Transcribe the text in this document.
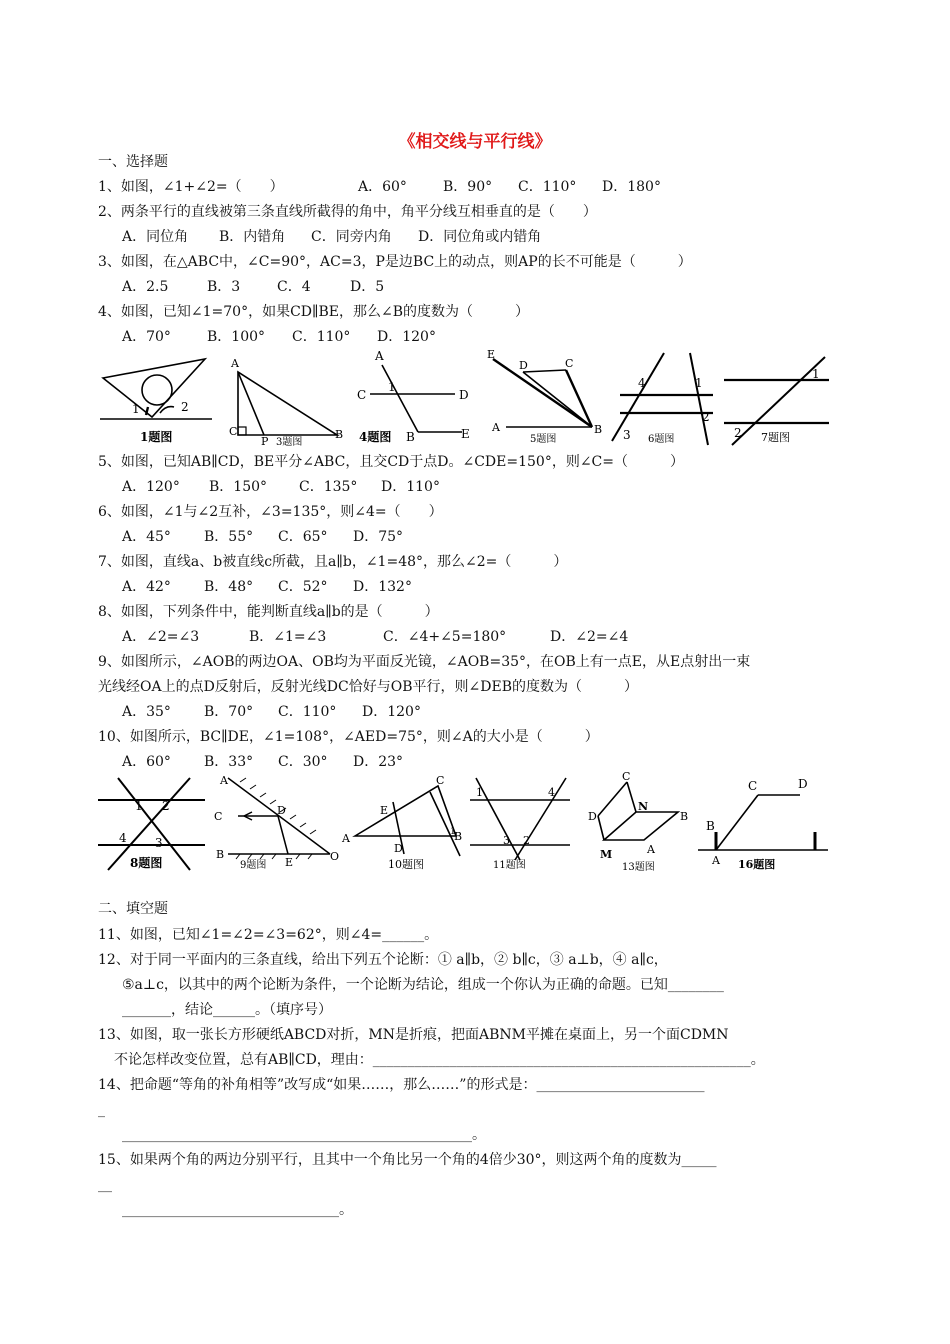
《相交线与平行线》
一、选择题
1、如图，∠1+∠2=（　　）	A．60°	B．90° C．110° D．180°
2、两条平行的直线被第三条直线所截得的角中，角平分线互相垂直的是（　　）
A．同位角 B．内错角 C．同旁内角 D．同位角或内错角
3、如图，在△ABC中，∠C=90°，AC=3，P是边BC上的动点，则AP的长不可能是（　　　）
A．2.5	B．3	C．4	D．5
4、如图，已知∠1=70°，如果CD∥BE，那么∠B的度数为（　　　）
A．70°	B．100° C．110° D．120°
1	2
1题图
A
C
P
B
3题图
A
C
1
D
B	E
4题图
E
D	C
A	B
5题图
4	1
2
3 6题图
1
2 7题图
5、如图，已知AB∥CD，BE平分∠ABC，且交CD于点D。∠CDE=150°，则∠C=（　　　）
A．120° B．150° C．135° D．110°
6、如图，∠1与∠2互补，∠3=135°，则∠4=（　　）
A．45° B．55° C．65° D．75°
7、如图，直线a、b被直线c所截，且a∥b，∠1=48°，那么∠2=（　　　）
A．42° B．48° C．52° D．132°
8、如图，下列条件中，能判断直线a∥b的是（　　　）
A．∠2=∠3	B．∠1=∠3	C．∠4+∠5=180°	D．∠2=∠4
9、如图所示，∠AOB的两边OA、OB均为平面反光镜，∠AOB=35°，在OB上有一点E，从E点射出一束
光线经OA上的点D反射后，反射光线DC恰好与OB平行，则∠DEB的度数为（　　　）
A．35° B．70° C．110° D．120°
10、如图所示，BC∥DE，∠1=108°，∠AED=75°，则∠A的大小是（　　　）
A．60° B．33° C．30° D．23°
1 2
4 3
8题图
A
C	D
B
E	O
9题图
C
E
A
D
B
1
10题图
1	4
3 2
11题图
C
N
D	B
M	A
13题图
C	D
B
A 16题图
二、填空题
11、如图，已知∠1=∠2=∠3=62°，则∠4=______。
12、对于同一平面内的三条直线，给出下列五个论断：① a∥b，② b∥c，③ a⊥b，④ a∥c，
⑤a⊥c，以其中的两个论断为条件，一个论断为结论，组成一个你认为正确的命题。已知________
_______，结论______。（填序号）
13、如图，取一张长方形硬纸ABCD对折，MN是折痕，把面ABNM平摊在桌面上，另一个面CDMN
不论怎样改变位置，总有AB∥CD，理由：______________________________________________________。
14、把命题“等角的补角相等”改写成“如果……，那么……”的形式是：________________________
_
__________________________________________________。
15、如果两个角的两边分别平行，且其中一个角比另一个角的4倍少30°，则这两个角的度数为_____
__
_______________________________。
